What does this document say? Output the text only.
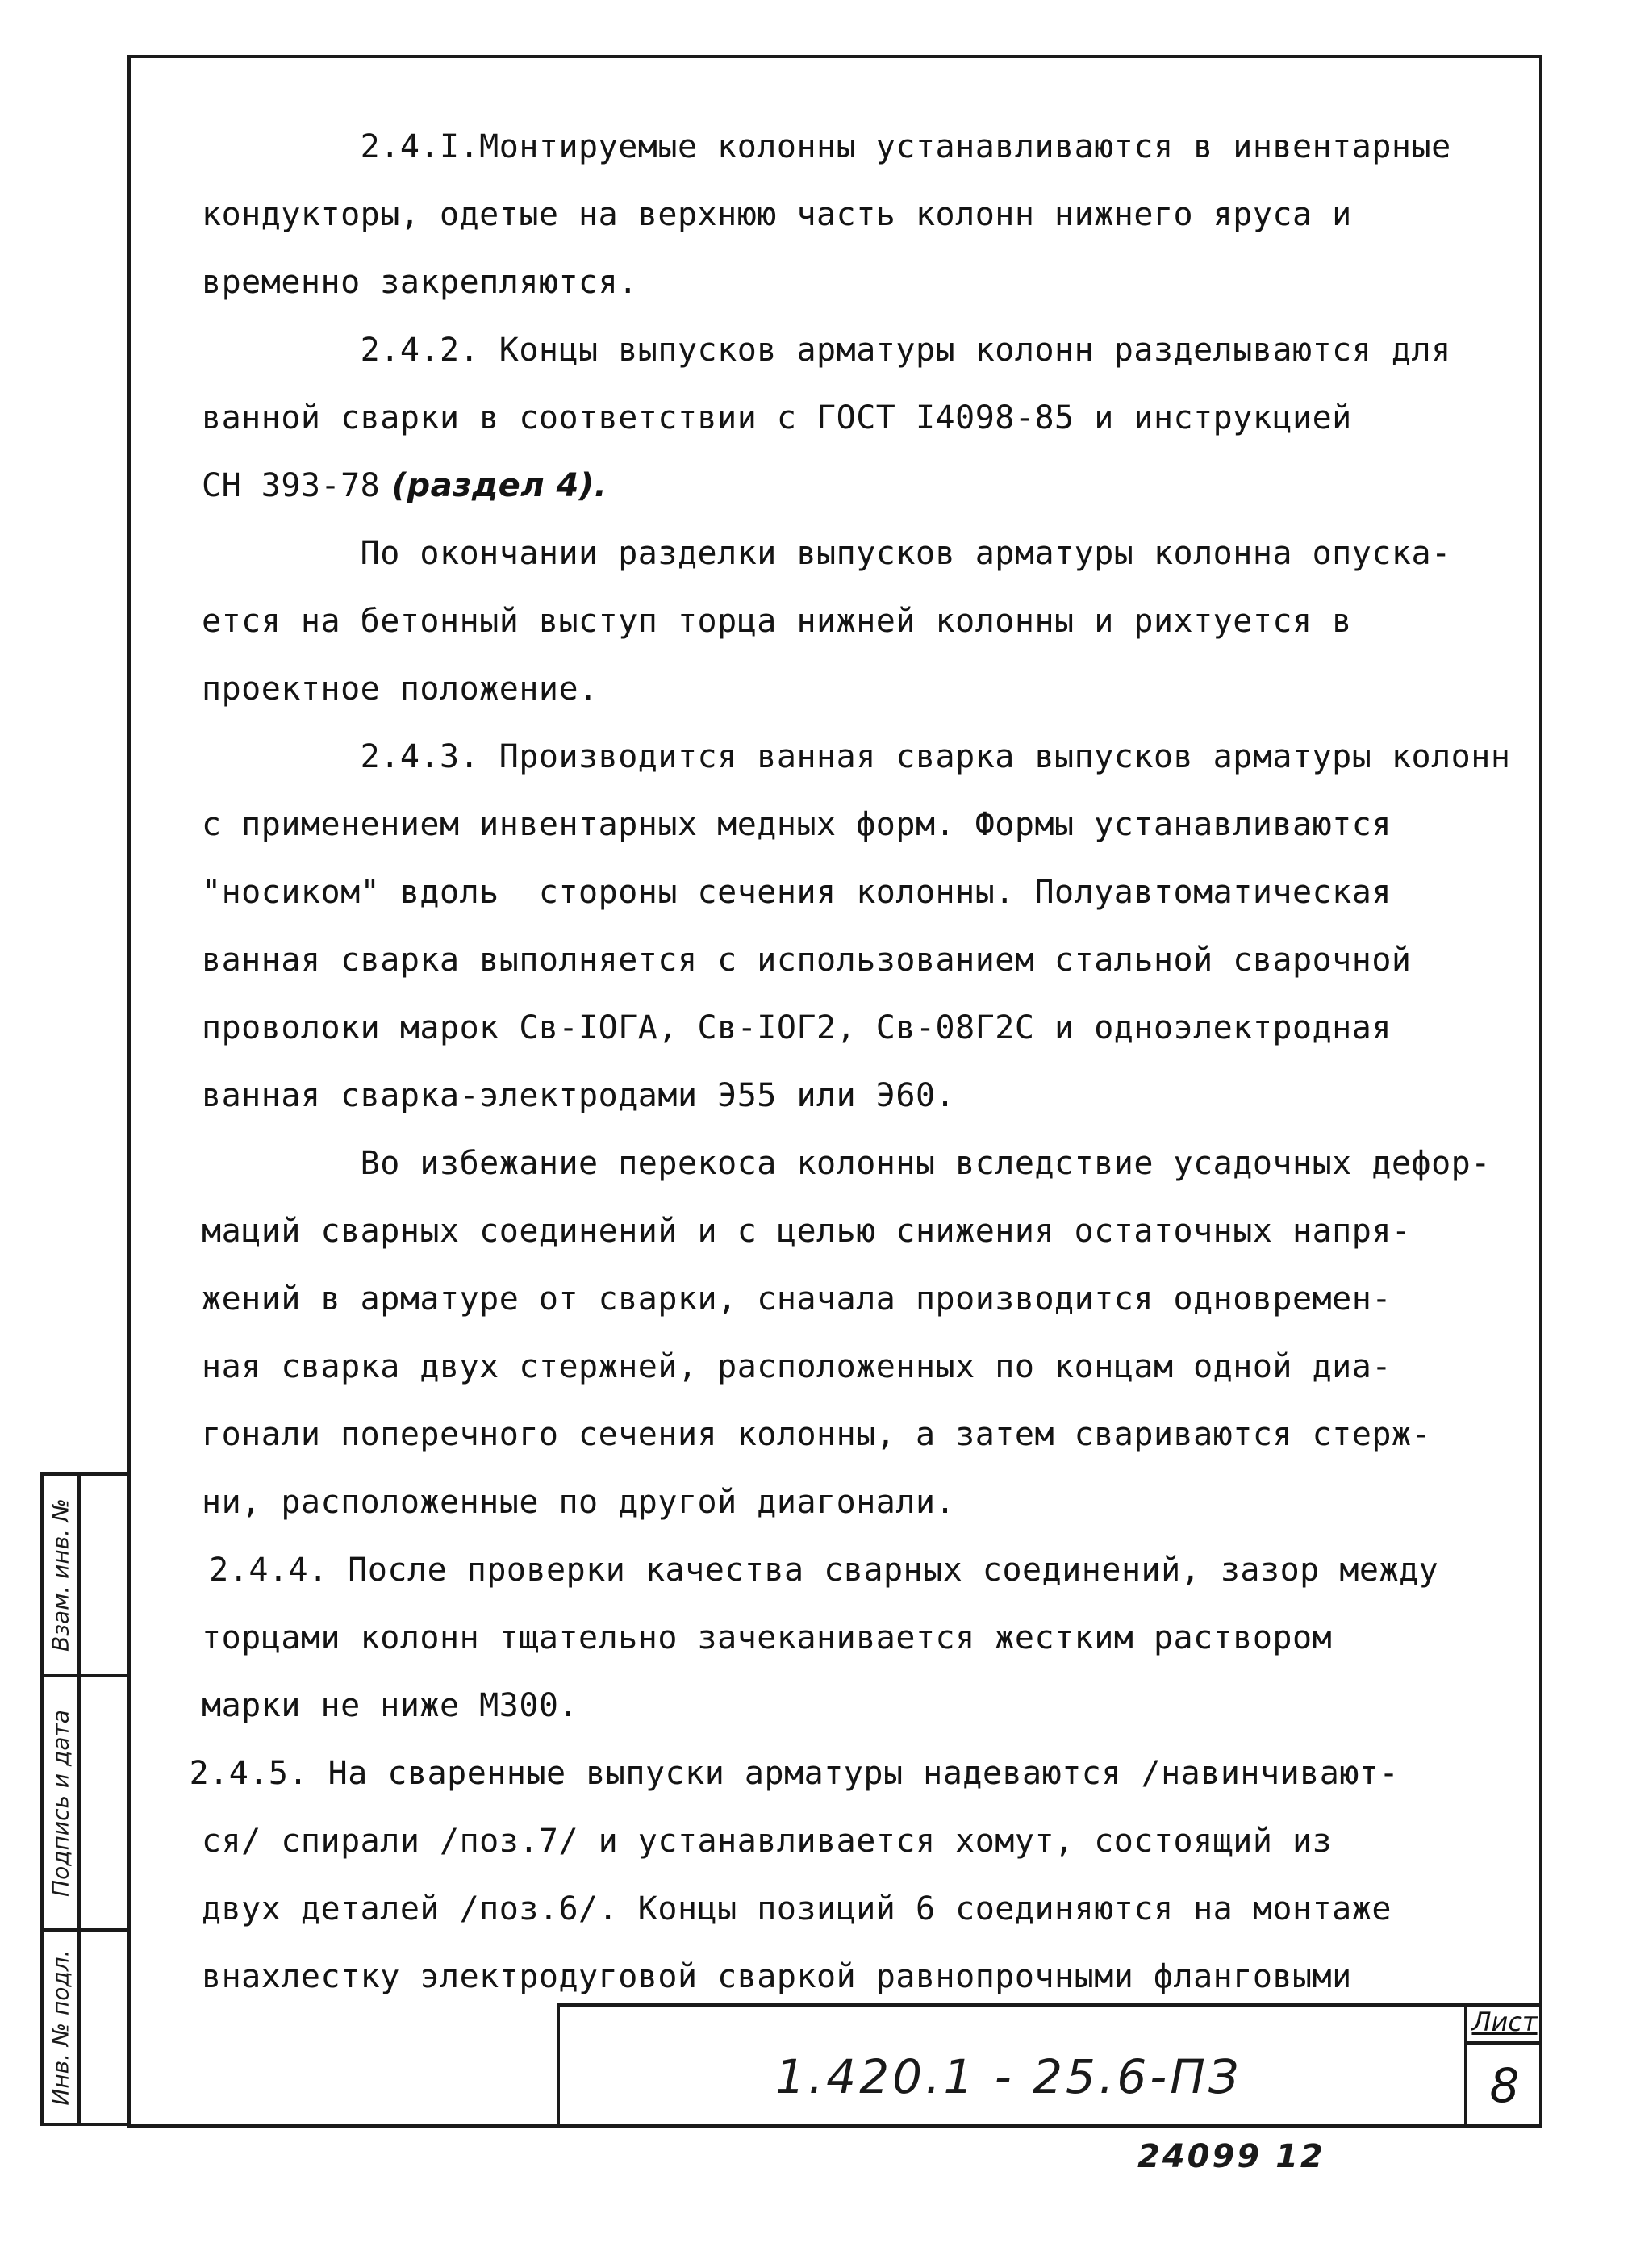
2.4.I.Монтируемые колонны устанавливаются в инвентарные
кондукторы, одетые на верхнюю часть колонн нижнего яруса и
временно закрепляются.
2.4.2. Концы выпусков арматуры колонн разделываются для
ванной сварки в соответствии с ГОСТ I4098-85 и инструкцией
СН 393-78 (раздел 4).
По окончании разделки выпусков арматуры колонна опуска-
ется на бетонный выступ торца нижней колонны и рихтуется в
проектное положение.
2.4.3. Производится ванная сварка выпусков арматуры колонн
с применением инвентарных медных форм. Формы устанавливаются
"носиком" вдоль  стороны сечения колонны. Полуавтоматическая
ванная сварка выполняется с использованием стальной сварочной
проволоки марок Св-IОГА, Св-IОГ2, Св-08Г2С и одноэлектродная
ванная сварка-электродами Э55 или Э60.
Во избежание перекоса колонны вследствие усадочных дефор-
маций сварных соединений и с целью снижения остаточных напря-
жений в арматуре от сварки, сначала производится одновремен-
ная сварка двух стержней, расположенных по концам одной диа-
гонали поперечного сечения колонны, а затем свариваются стерж-
ни, расположенные по другой диагонали.
2.4.4. После проверки качества сварных соединений, зазор между
торцами колонн тщательно зачеканивается жестким раствором
марки не ниже М300.
2.4.5. На сваренные выпуски арматуры надеваются /навинчивают-
ся/ спирали /поз.7/ и устанавливается хомут, состоящий из
двух деталей /поз.6/. Концы позиций 6 соединяются на монтаже
внахлестку электродуговой сваркой равнопрочными фланговыми
1.420.1 - 25.6-ПЗ
Лист
8
24099 12
Взам. инв. №
Подпись и дата
Инв. № подл.
